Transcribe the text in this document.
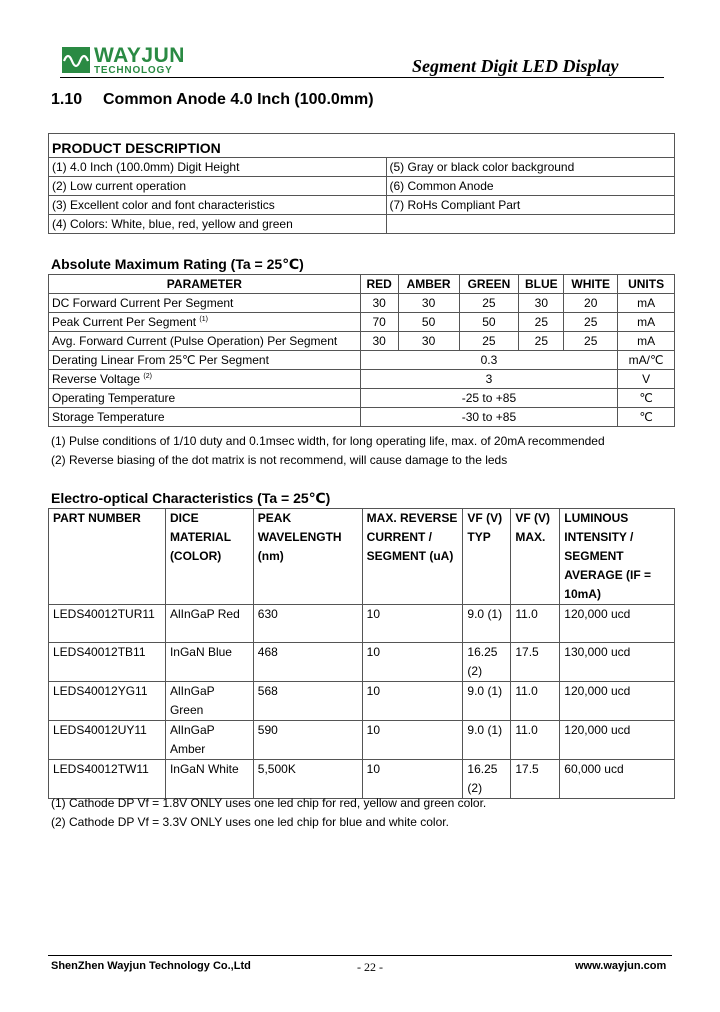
WAYJUN
TECHNOLOGY	Segment Digit LED Display
1.10 Common Anode 4.0 Inch (100.0mm)
PRODUCT DESCRIPTION
(1) 4.0 Inch (100.0mm) Digit Height	(5) Gray or black color background
(2) Low current operation	(6) Common Anode
(3) Excellent color and font characteristics	(7) RoHs Compliant Part
(4) Colors: White, blue, red, yellow and green	
Absolute Maximum Rating (Ta = 25℃)
PARAMETER	RED	AMBER	GREEN	BLUE	WHITE	UNITS
DC Forward Current Per Segment	30	30	25	30	20	mA
Peak Current Per Segment $^{(1)}$	70	50	50	25	25	mA
Avg. Forward Current (Pulse Operation) Per Segment	30	30	25	25	25	mA
Derating Linear From 25℃ Per Segment	0.3					mA/℃
Reverse Voltage $^{(2)}$	3					V
Operating Temperature	-25 to +85					℃
Storage Temperature	-30 to +85					℃
(1) Pulse conditions of 1/10 duty and 0.1msec width, for long operating life, max. of 20mA recommended
(2) Reverse biasing of the dot matrix is not recommend, will cause damage to the leds
Electro-optical Characteristics (Ta = 25℃)
PART NUMBER	DICE MATERIAL (COLOR)	PEAK WAVELENGTH (nm)	MAX. REVERSE CURRENT / SEGMENT (uA)	VF (V) TYP	VF (V) MAX.	LUMINOUS INTENSITY / SEGMENT AVERAGE (IF = 10mA)
LEDS40012TUR11	AlInGaP Red	630	10	9.0 (1)	11.0	120,000 ucd
LEDS40012TB11	InGaN Blue	468	10	16.25 (2)	17.5	130,000 ucd
LEDS40012YG11	AlInGaP Green	568	10	9.0 (1)	11.0	120,000 ucd
LEDS40012UY11	AlInGaP Amber	590	10	9.0 (1)	11.0	120,000 ucd
LEDS40012TW11	InGaN White	5,500K	10	16.25 (2)	17.5	60,000 ucd
(1) Cathode DP Vf = 1.8V ONLY uses one led chip for red, yellow and green color.
(2) Cathode DP Vf = 3.3V ONLY uses one led chip for blue and white color.
ShenZhen Wayjun Technology Co.,Ltd	- 22 -	www.wayjun.com
